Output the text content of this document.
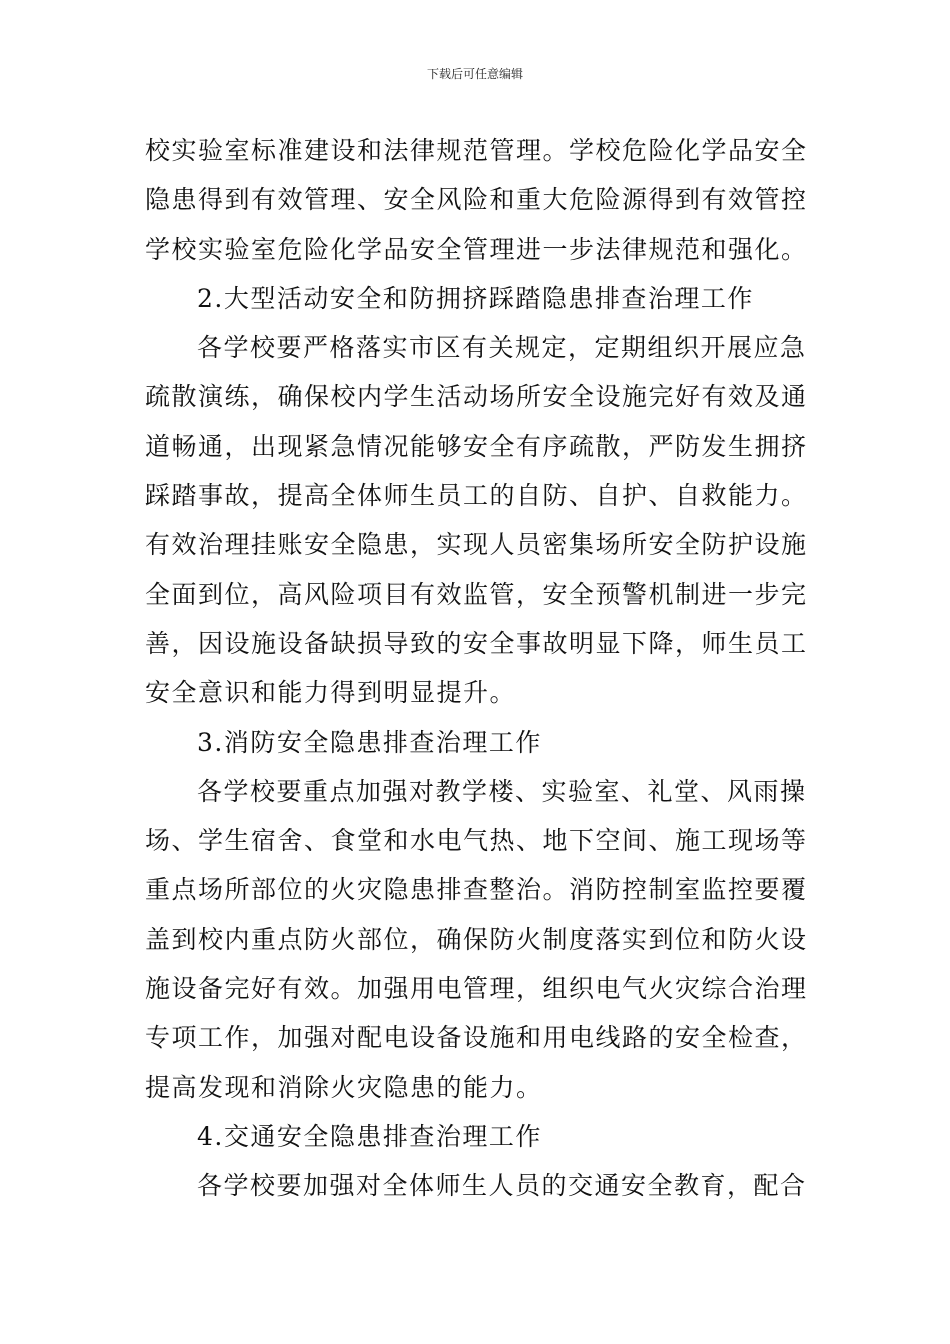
下载后可任意编辑
校实验室标准建设和法律规范管理。学校危险化学品安全
隐患得到有效管理、安全风险和重大危险源得到有效管控
学校实验室危险化学品安全管理进一步法律规范和强化。
2.大型活动安全和防拥挤踩踏隐患排查治理工作
各学校要严格落实市区有关规定，定期组织开展应急
疏散演练，确保校内学生活动场所安全设施完好有效及通
道畅通，出现紧急情况能够安全有序疏散，严防发生拥挤
踩踏事故，提高全体师生员工的自防、自护、自救能力。
有效治理挂账安全隐患，实现人员密集场所安全防护设施
全面到位，高风险项目有效监管，安全预警机制进一步完
善，因设施设备缺损导致的安全事故明显下降，师生员工
安全意识和能力得到明显提升。
3.消防安全隐患排查治理工作
各学校要重点加强对教学楼、实验室、礼堂、风雨操
场、学生宿舍、食堂和水电气热、地下空间、施工现场等
重点场所部位的火灾隐患排查整治。消防控制室监控要覆
盖到校内重点防火部位，确保防火制度落实到位和防火设
施设备完好有效。加强用电管理，组织电气火灾综合治理
专项工作，加强对配电设备设施和用电线路的安全检查，
提高发现和消除火灾隐患的能力。
4.交通安全隐患排查治理工作
各学校要加强对全体师生人员的交通安全教育，配合
